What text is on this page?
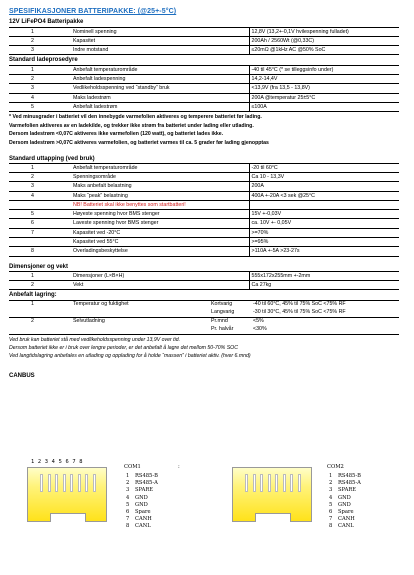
SPESIFIKASJONER BATTERIPAKKE: (@25+-5°C)
12V LiFePO4 Batteripakke
1	Nominell spenning	12,8V (13,2+-0,1V hvilespenning fulladet)
2	Kapasitet	200Ah / 2560Wt (@0,33C)
3	Indre motstand	≤20mΩ @1kHz AC @50% SoC
Standard ladeprosedyre
1	Anbefalt temperaturområde	-40 til 45°C (* se tilleggsinfo under)
2	Anbefalt ladespenning	14,2-14,4V
3	Vedlikeholdsspenning ved “standby” bruk	<13,9V (fra 13,5 - 13,8V)
4	Maks ladestrøm	200A @temperatur 25±5°C
5	Anbefalt ladestrøm	≤100A
* Ved minusgrader i batteriet vil den innebygde varmefolien aktiveres og temperere batteriet før lading.
Varmefolien aktiveres av en ladekilde, og trekker ikke strøm fra batteriet under lading eller utlading.
Dersom ladestrøm <0,07C aktiveres ikke varmefolien (120 watt), og batteriet lades ikke.
Dersom ladestrøm >0,07C aktiveres varmefolien, og batteriet varmes til ca. 5 grader før lading gjenopptas
Standard uttapping (ved bruk)
1	Anbefalt temperaturområde	-20 til 60°C
2	Spenningsområde	Ca 10 - 13,3V
3	Maks anbefalt belastning	200A
4	Maks “peak” belastning	400A +-20A <3 sek @25°C
	NB! Batteriet skal ikke benyttes som startbatteri!	
5	Høyeste spenning hvor BMS stenger	15V +-0,03V
6	Laveste spenning hvor BMS stenger	ca. 10V +- 0,05V
7	Kapasitet ved -20°C	>=70%
	Kapasitet ved 55°C	>=95%
8	Overladingsbeskyttelse	>110A +-5A >23-27s
Dimensjoner og vekt
1	Dimensjoner (L×B×H)	555x172x255mm +-2mm
2	Vekt	Ca 27kg
Anbefalt lagring:
1	Temperatur og fuktighet	Kortvarig	-40 til 60°C, 45% til 75% SoC <75% RF
		Langvarig	-30 til 30°C, 45% til 75% SoC <75% RF
2	Selvutladning	Pr.mnd	<5%
		Pr. halvår	<30%
Ved bruk kan batteriet stå med vedlikeholdsspenning under 13,9V over tid.
Dersom batteriet ikke er i bruk over lengre perioder, er det anbefalt å lagre det mellom 50-70% SOC
Ved langtidslagring anbefales en utlading og opplading for å holde “massen” i batteriet aktiv. (hver 6.mnd)
CANBUS
1 2 3 4 5 6 7 8
COM1	:
1 RS485-B
2 RS485-A
3 SPARE
4 GND
5 GND
6 Spare
7 CANH
8 CANL
COM2
1 RS485-B
2 RS485-A
3 SPARE
4 GND
5 GND
6 Spare
7 CANH
8 CANL
